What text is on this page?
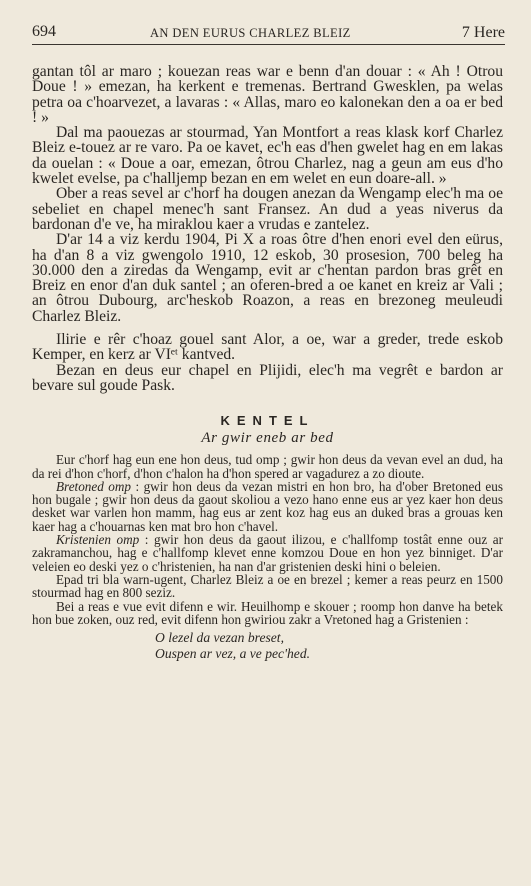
694	AN DEN EURUS CHARLEZ BLEIZ	7 Here

gantan tôl ar maro ; kouezan reas war e benn d'an douar : « Ah ! Otrou Doue ! » emezan, ha kerkent e tremenas. Bertrand Gwesklen, pa welas petra oa c'hoarvezet, a lavaras : « Allas, maro eo kalonekan den a oa er bed ! »

Dal ma paouezas ar stourmad, Yan Montfort a reas klask korf Charlez Bleiz e-touez ar re varo. Pa oe kavet, ec'h eas d'hen gwelet hag en em lakas da ouelan : « Doue a oar, emezan, ôtrou Charlez, nag a geun am eus d'ho kwelet evelse, pa c'halljemp bezan en em welet en eun doare-all. »

Ober a reas sevel ar c'horf ha dougen anezan da Wengamp elec'h ma oe sebeliet en chapel menec'h sant Fransez. An dud a yeas niverus da bardonan d'e ve, ha miraklou kaer a vrudas e zantelez.

D'ar 14 a viz kerdu 1904, Pi X a roas ôtre d'hen enori evel den eürus, ha d'an 8 a viz gwengolo 1910, 12 eskob, 30 prosesion, 700 beleg ha 30.000 den a ziredas da Wengamp, evit ar c'hentan pardon bras grêt en Breiz en enor d'an duk santel ; an oferen-bred a oe kanet en kreiz ar Vali ; an ôtrou Dubourg, arc'heskob Roazon, a reas en brezoneg meuleudi Charlez Bleiz.

Ilirie e rêr c'hoaz gouel sant Alor, a oe, war a greder, trede eskob Kemper, en kerz ar VIᵉᵗ kantved.

Bezan en deus eur chapel en Plijidi, elec'h ma vegrêt e bardon ar bevare sul goude Pask.

KENTEL
Ar gwir eneb ar bed

Eur c'horf hag eun ene hon deus, tud omp ; gwir hon deus da vevan evel an dud, ha da rei d'hon c'horf, d'hon c'halon ha d'hon spered ar vagadurez a zo dioute.

Bretoned omp : gwir hon deus da vezan mistri en hon bro, ha d'ober Bretoned eus hon bugale ; gwir hon deus da gaout skoliou a vezo hano enne eus ar yez kaer hon deus desket war varlen hon mamm, hag eus ar zent koz hag eus an duked bras a grouas ken kaer hag a c'houarnas ken mat bro hon c'havel.

Kristenien omp : gwir hon deus da gaout ilizou, e c'hallfomp tostât enne ouz ar zakramanchou, hag e c'hallfomp klevet enne komzou Doue en hon yez binniget. D'ar veleien eo deski yez o c'hristenien, ha nan d'ar gristenien deski hini o beleien.

Epad tri bla warn-ugent, Charlez Bleiz a oe en brezel ; kemer a reas peurz en 1500 stourmad hag en 800 seziz.

Bei a reas e vue evit difenn e wir. Heuilhomp e skouer ; roomp hon danve ha betek hon bue zoken, ouz red, evit difenn hon gwiriou zakr a Vretoned hag a Gristenien :

O lezel da vezan breset,
Ouspen ar vez, a ve pec'hed.
